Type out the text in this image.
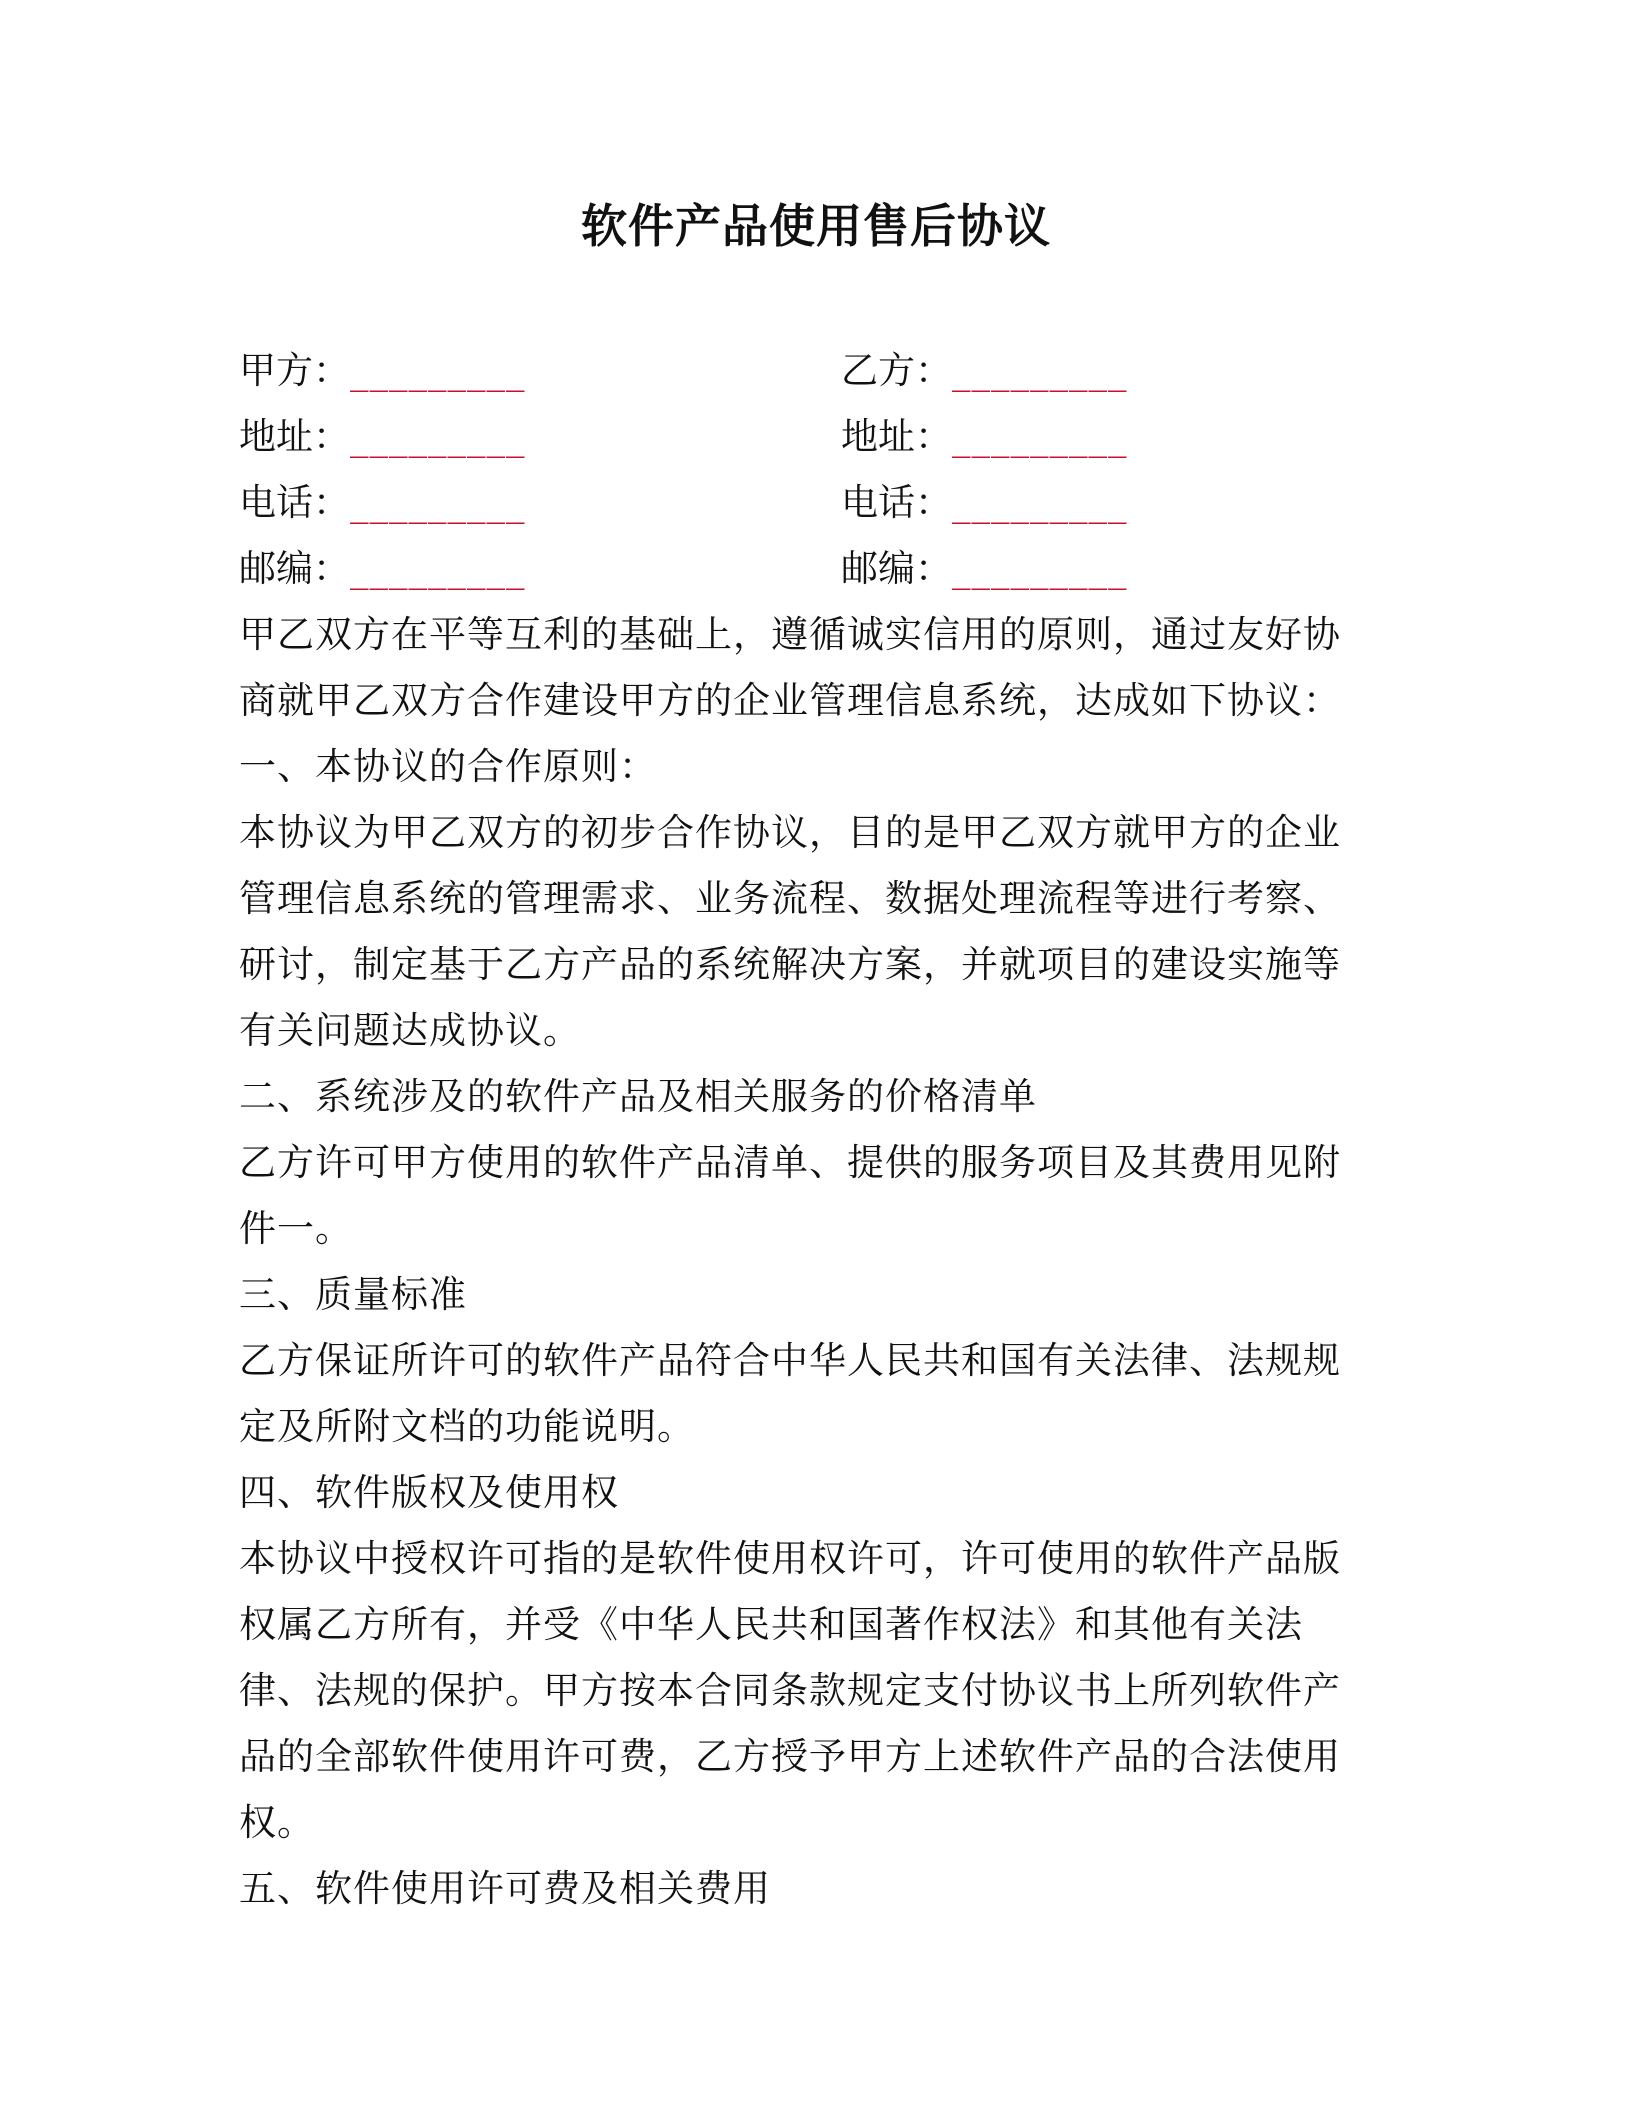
软件产品使用售后协议
甲方：_________	乙方：_________
地址：_________	地址：_________
电话：_________	电话：_________
邮编：_________	邮编：_________

甲乙双方在平等互利的基础上，遵循诚实信用的原则，通过友好协商就甲乙双方合作建设甲方的企业管理信息系统，达成如下协议：

一、本协议的合作原则：

本协议为甲乙双方的初步合作协议，目的是甲乙双方就甲方的企业管理信息系统的管理需求、业务流程、数据处理流程等进行考察、研讨，制定基于乙方产品的系统解决方案，并就项目的建设实施等有关问题达成协议。

二、系统涉及的软件产品及相关服务的价格清单

乙方许可甲方使用的软件产品清单、提供的服务项目及其费用见附件一。

三、质量标准

乙方保证所许可的软件产品符合中华人民共和国有关法律、法规规定及所附文档的功能说明。

四、软件版权及使用权

本协议中授权许可指的是软件使用权许可，许可使用的软件产品版权属乙方所有，并受《中华人民共和国著作权法》和其他有关法律、法规的保护。甲方按本合同条款规定支付协议书上所列软件产品的全部软件使用许可费，乙方授予甲方上述软件产品的合法使用权。

五、软件使用许可费及相关费用
